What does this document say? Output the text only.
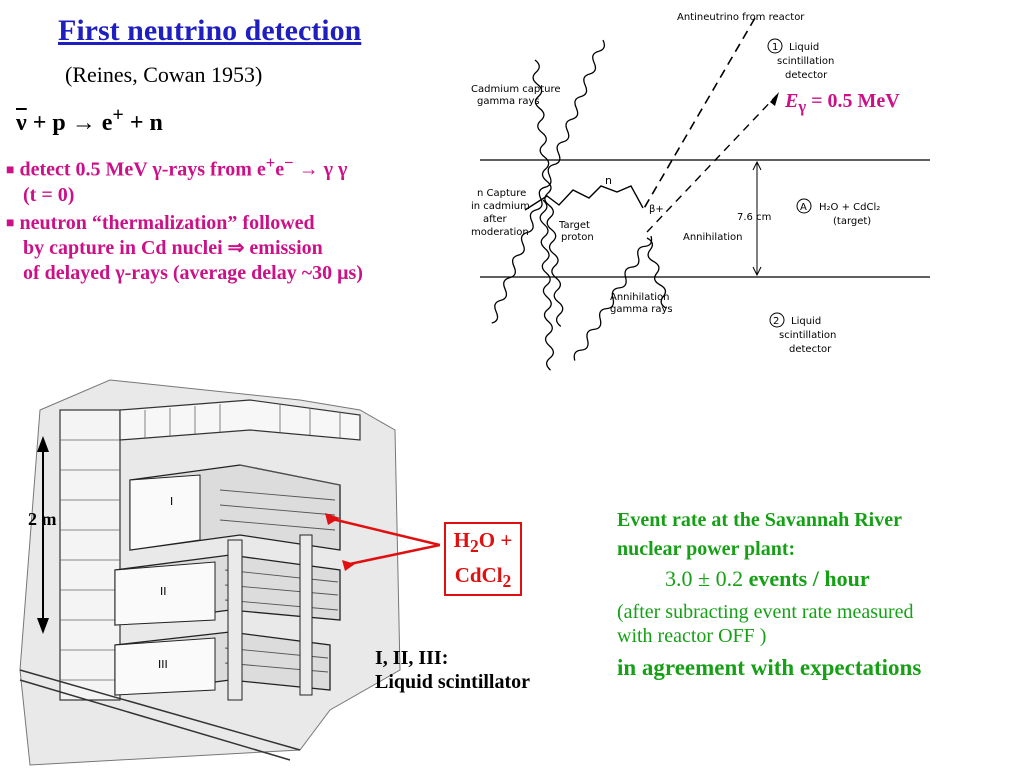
First neutrino detection
(Reines, Cowan 1953)
$\overline{\nu} + p \to e^+ + n$
■ detect 0.5 MeV γ-rays from e+e− → γ γ
(t = 0)
■ neutron “thermalization” followed
by capture in Cd nuclei ⇒ emission
of delayed γ-rays (average delay ~30 μs)
Antineutrino from reactor
Cadmium capture
gamma rays
n Capture
in cadmium
after
moderation
Target
proton
n
β+
Annihilation
Annihilation
gamma rays
1 Liquid
scintillation
detector
A H₂O + CdCl₂
(target)
7.6 cm
2 Liquid
scintillation
detector
$E_\gamma = 0.5$ MeV
I
II
III
2 m
$H_2O$ +
CdCl$_2$
I, II, III:
Liquid scintillator
Event rate at the Savannah River
nuclear power plant:
3.0 ± 0.2 events / hour
(after subracting event rate measured
with reactor OFF )
in agreement with expectations
